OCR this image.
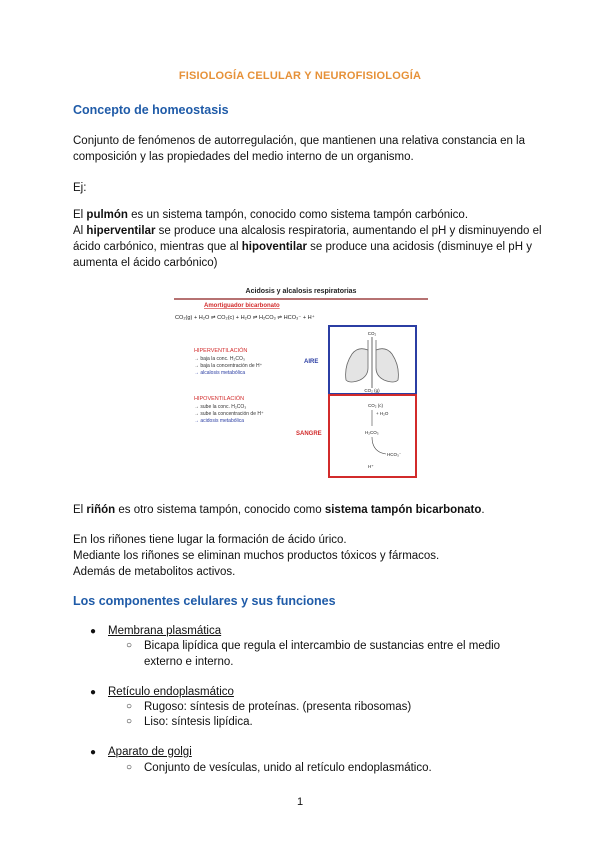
FISIOLOGÍA CELULAR Y NEUROFISIOLOGÍA
Concepto de homeostasis
Conjunto de fenómenos de autorregulación, que mantienen una relativa constancia en la
composición y las propiedades del medio interno de un organismo.
Ej:
El pulmón es un sistema tampón, conocido como sistema tampón carbónico.
Al hiperventilar se produce una alcalosis respiratoria, aumentando el pH y disminuyendo el
ácido carbónico, mientras que al hipoventilar se produce una acidosis (disminuye el pH y
aumenta el ácido carbónico)
Acidosis y alcalosis respiratorias
Amortiguador bicarbonato
CO₂(g) + H₂O ⇌ CO₂(c) + H₂O ⇌ H₂CO₃ ⇌ HCO₃⁻ + H⁺
HIPERVENTILACIÓN
→ baja la conc. H₂CO₃
→ baja la concentración de H⁺
→ alcalosis metabólica
HIPOVENTILACIÓN
→ sube la conc. H₂CO₃
→ sube la concentración de H⁺
→ acidosis metabólica
AIRE
CO₂
CO₂ (g)
SANGRE
CO₂ (c)
+ H₂O
H₂CO₃
HCO₃⁻
H⁺
El riñón es otro sistema tampón, conocido como sistema tampón bicarbonato.
En los riñones tiene lugar la formación de ácido úrico.
Mediante los riñones se eliminan muchos productos tóxicos y fármacos.
Además de metabolitos activos.
Los componentes celulares y sus funciones
● Membrana plasmática
○ Bicapa lipídica que regula el intercambio de sustancias entre el medio
externo e interno.
● Retículo endoplasmático
○ Rugoso: síntesis de proteínas. (presenta ribosomas)
○ Liso: síntesis lipídica.
● Aparato de golgi
○ Conjunto de vesículas, unido al retículo endoplasmático.
1
